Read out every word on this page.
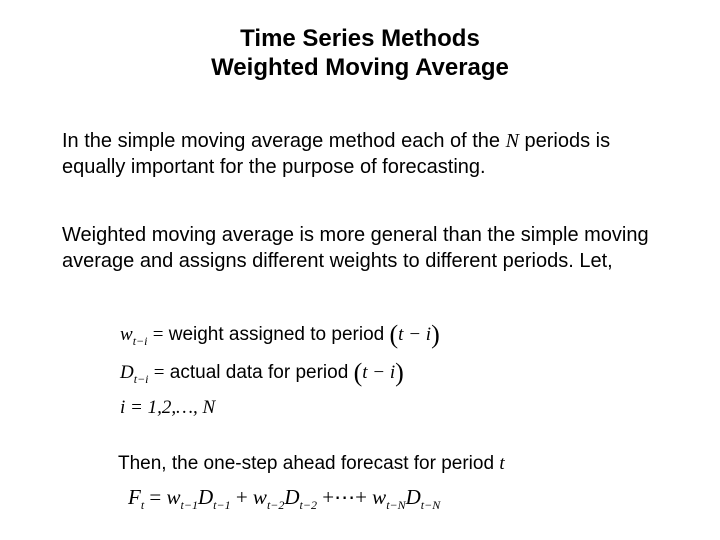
Time Series Methods
Weighted Moving Average
In the simple moving average method each of the N periods is equally important for the purpose of forecasting.
Weighted moving average is more general than the simple moving average and assigns different weights to different periods. Let,
$w_{t-i}$ = weight assigned to period (t − i)
$D_{t-i}$ = actual data for period (t − i)
i = 1,2,…, N
Then, the one-step ahead forecast for period t
$F_t = w_{t-1}D_{t-1} + w_{t-2}D_{t-2}$ +⋯+ $w_{t-N}D_{t-N}$
